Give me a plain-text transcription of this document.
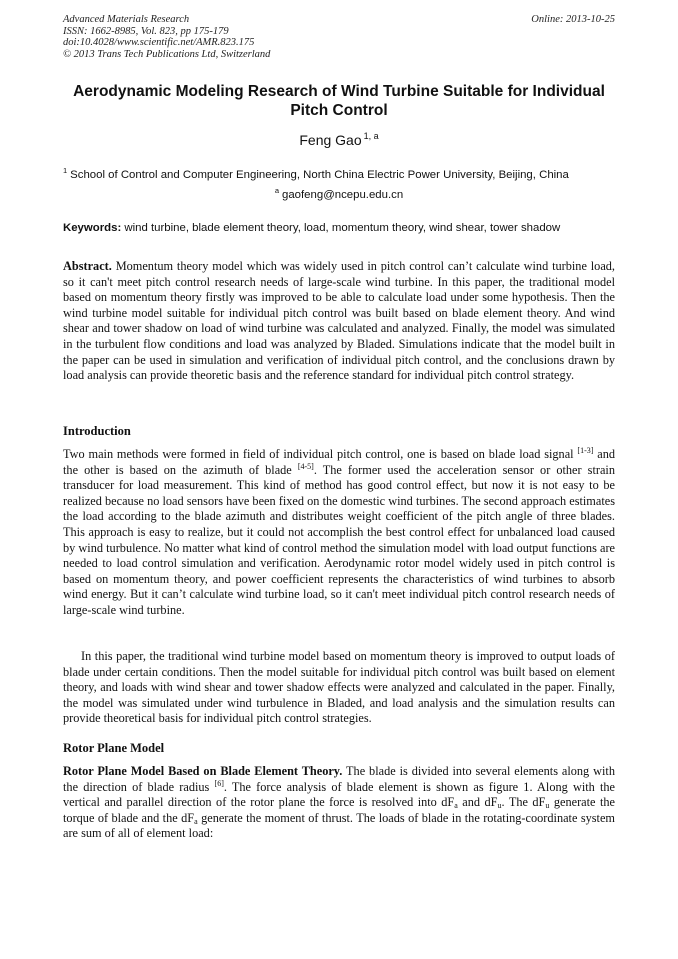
Advanced Materials Research
ISSN: 1662-8985, Vol. 823, pp 175-179
doi:10.4028/www.scientific.net/AMR.823.175
© 2013 Trans Tech Publications Ltd, Switzerland
Online: 2013-10-25
Aerodynamic Modeling Research of Wind Turbine Suitable for Individual Pitch Control
Feng Gao $^{1, a}$
$^1$ School of Control and Computer Engineering, North China Electric Power University, Beijing, China
$^a$ gaofeng@ncepu.edu.cn
Keywords: wind turbine, blade element theory, load, momentum theory, wind shear, tower shadow
Abstract. Momentum theory model which was widely used in pitch control can’t calculate wind turbine load, so it can't meet pitch control research needs of large-scale wind turbine. In this paper, the traditional model based on momentum theory firstly was improved to be able to calculate load under some hypothesis. Then the wind turbine model suitable for individual pitch control was built based on blade element theory. And wind shear and tower shadow on load of wind turbine was calculated and analyzed. Finally, the model was simulated in the turbulent flow conditions and load was analyzed by Bladed. Simulations indicate that the model built in the paper can be used in simulation and verification of individual pitch control, and the conclusions drawn by load analysis can provide theoretic basis and the reference standard for individual pitch control strategy.
Introduction
Two main methods were formed in field of individual pitch control, one is based on blade load signal [1-3] and the other is based on the azimuth of blade [4-5]. The former used the acceleration sensor or other strain transducer for load measurement. This kind of method has good control effect, but now it is not easy to be realized because no load sensors have been fixed on the domestic wind turbines. The second approach estimates the load according to the blade azimuth and distributes weight coefficient of the pitch angle of three blades. This approach is easy to realize, but it could not accomplish the best control effect for unbalanced load caused by wind turbulence. No matter what kind of control method the simulation model with load output functions are needed to load control simulation and verification. Aerodynamic rotor model widely used in pitch control is based on momentum theory, and power coefficient represents the characteristics of wind turbines to absorb wind energy. But it can’t calculate wind turbine load, so it can't meet individual pitch control research needs of large-scale wind turbine.
In this paper, the traditional wind turbine model based on momentum theory is improved to output loads of blade under certain conditions. Then the model suitable for individual pitch control was built based on element theory, and loads with wind shear and tower shadow effects were analyzed and calculated in the paper. Finally, the model was simulated under wind turbulence in Bladed, and load analysis and the simulation results can provide theoretical basis for individual pitch control strategies.
Rotor Plane Model
Rotor Plane Model Based on Blade Element Theory. The blade is divided into several elements along with the direction of blade radius [6]. The force analysis of blade element is shown as figure 1. Along with the vertical and parallel direction of the rotor plane the force is resolved into $dF_a$ and $dF_u$. The $dF_u$ generate the torque of blade and the $dF_a$ generate the moment of thrust. The loads of blade in the rotating-coordinate system are sum of all of element load:
